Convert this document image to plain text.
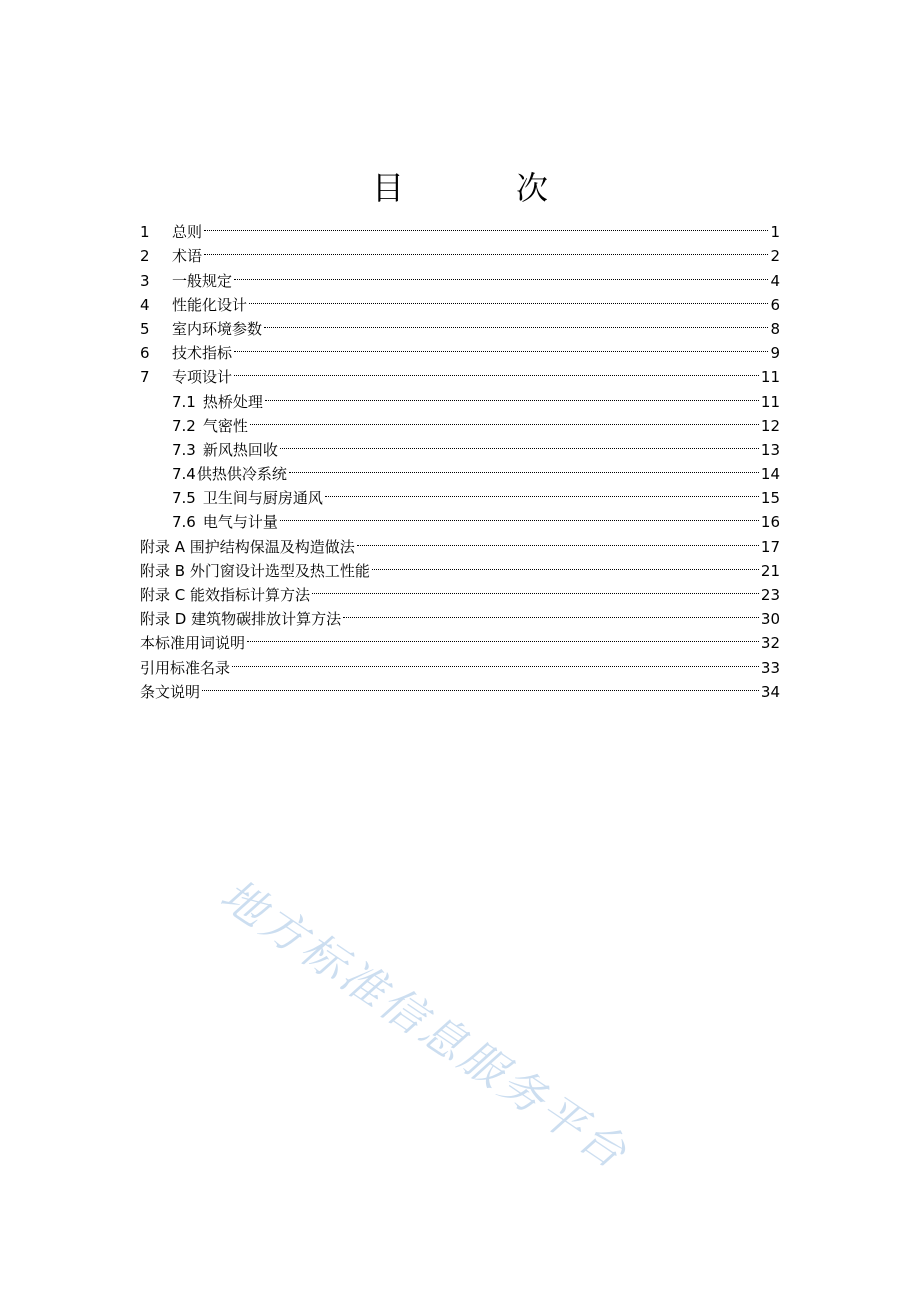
目　次
1	总则	1
2	术语	2
3	一般规定	4
4	性能化设计	6
5	室内环境参数	8
6	技术指标	9
7	专项设计	11
7.1 热桥处理	11
7.2 气密性	12
7.3 新风热回收	13
7.4 供热供冷系统	14
7.5 卫生间与厨房通风	15
7.6 电气与计量	16
附录 A 围护结构保温及构造做法	17
附录 B 外门窗设计选型及热工性能	21
附录 C 能效指标计算方法	23
附录 D 建筑物碳排放计算方法	30
本标准用词说明	32
引用标准名录	33
条文说明	34
地方标准信息服务平台
